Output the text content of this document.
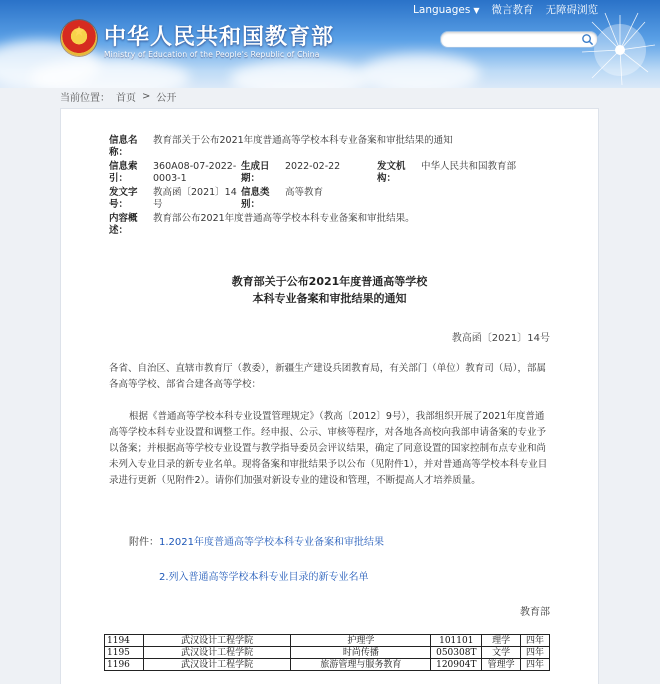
★
中华人民共和国教育部
Ministry of Education of the People's Republic of China
Languages ▼ 微言教育 无障碍浏览
当前位置： 首页 > 公开
信息名称：
教育部关于公布2021年度普通高等学校本科专业备案和审批结果的通知
信息索引：
360A08-07-2022-0003-1
生成日期：
2022-02-22	发文机构：
中华人民共和国教育部
发文字号：
教高函〔2021〕14号
信息类别：
高等教育
内容概述：
教育部公布2021年度普通高等学校本科专业备案和审批结果。
教育部关于公布2021年度普通高等学校
本科专业备案和审批结果的通知
教高函〔2021〕14号

各省、自治区、直辖市教育厅（教委），新疆生产建设兵团教育局，有关部门（单位）教育司（局），部属各高等学校、部省合建各高等学校：

根据《普通高等学校本科专业设置管理规定》（教高〔2012〕9号），我部组织开展了2021年度普通高等学校本科专业设置和调整工作。经申报、公示、审核等程序，对各地各高校向我部申请备案的专业予以备案；并根据高等学校专业设置与教学指导委员会评议结果，确定了同意设置的国家控制布点专业和尚未列入专业目录的新专业名单。现将备案和审批结果予以公布（见附件1），并对普通高等学校本科专业目录进行更新（见附件2）。请你们加强对新设专业的建设和管理，不断提高人才培养质量。

附件：1.2021年度普通高等学校本科专业备案和审批结果
2.列入普通高等学校本科专业目录的新专业名单
教育部
1194	武汉设计工程学院	护理学	101101	理学	四年
1195	武汉设计工程学院	时尚传播	050308T	文学	四年
1196	武汉设计工程学院	旅游管理与服务教育	120904T	管理学	四年
